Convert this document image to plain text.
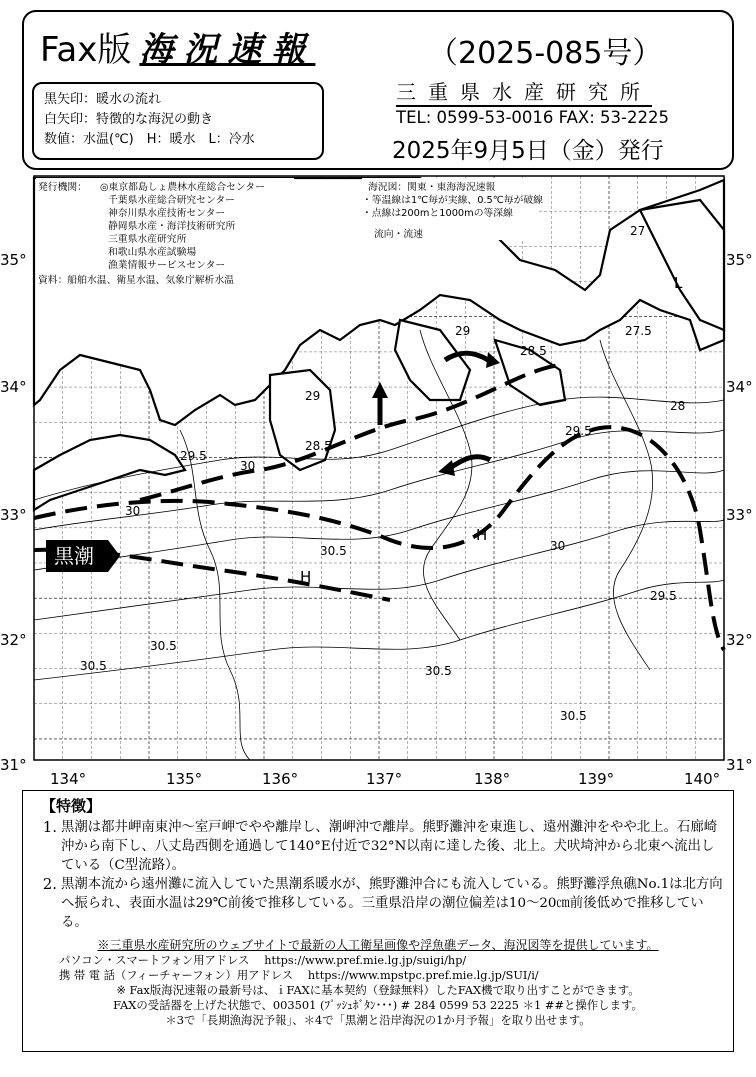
Fax版 海況速報	（2025-085号）
三重県水産研究所
TEL: 0599-53-0016 FAX: 53-2225
2025年9月5日（金）発行
黒矢印：暖水の流れ
白矢印：特徴的な海況の動き
数値：水温(℃)　H：暖水　L：冷水
黒潮
H
H
L
29
29.5
28.5
30
30.5
29
28.5
29.5
27.5
27
28
30.5
30.5
30.5
30.5
29.5
30
30
発行機関： ◎東京都島しょ農林水産総合センター
千葉県水産総合研究センター
神奈川県水産技術センター
静岡県水産・海洋技術研究所
三重県水産研究所
和歌山県水産試験場
漁業情報サービスセンター
資料：船舶水温、衛星水温、気象庁解析水温
海況図：関東・東海海況速報
・等温線は1℃毎が実線、0.5℃毎が破線
・点線は200mと1000mの等深線
流向・流速
35°
34°
33°
32°
31°
35°
34°
33°
32°
31°
134°	135°	136°	137°	138°	139°	140°
【特徴】
1. 黒潮は都井岬南東沖～室戸岬でやや離岸し、潮岬沖で離岸。熊野灘沖を東進し、遠州灘沖をやや北上。石廊崎沖から南下し、八丈島西側を通過して140°E付近で32°N以南に達した後、北上。犬吠埼沖から北東へ流出している（C型流路）。
2. 黒潮本流から遠州灘に流入していた黒潮系暖水が、熊野灘沖合にも流入している。熊野灘浮魚礁No.1は北方向へ振られ、表面水温は29℃前後で推移している。三重県沿岸の潮位偏差は10～20㎝前後低めで推移している。
※三重県水産研究所のウェブサイトで最新の人工衛星画像や浮魚礁データ、海況図等を提供しています。
パソコン・スマートフォン用アドレス　 https://www.pref.mie.lg.jp/suigi/hp/
携 帯 電 話（フィーチャーフォン）用アドレス　 https://www.mpstpc.pref.mie.lg.jp/SUI/i/
※ Fax版海況速報の最新号は、ｉFAXに基本契約（登録無料）したFAX機で取り出すことができます。
FAXの受話器を上げた状態で、003501 (ﾌﾟｯｼｭﾎﾞﾀﾝ･･･) # 284 0599 53 2225 ＊1 ##と操作します。
＊3で「長期漁海況予報」、＊4で「黒潮と沿岸海況の1か月予報」を取り出せます。
